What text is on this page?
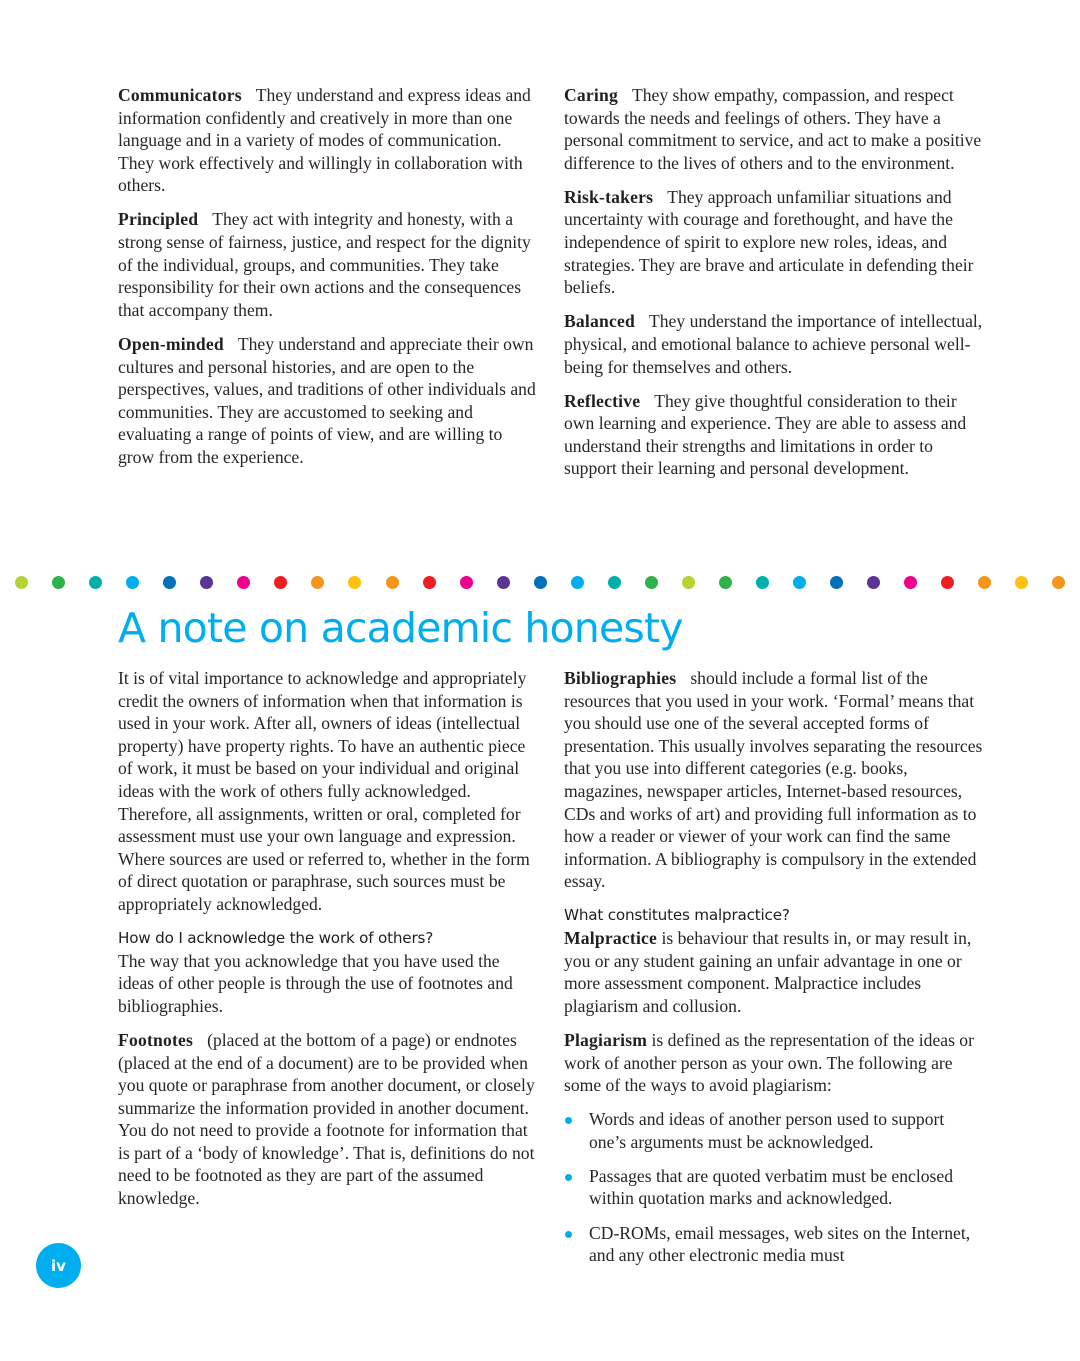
Communicators They understand and express ideas and information confidently and creatively in more than one language and in a variety of modes of communication. They work effectively and willingly in collaboration with others.

Principled They act with integrity and honesty, with a strong sense of fairness, justice, and respect for the dignity of the individual, groups, and communities. They take responsibility for their own actions and the consequences that accompany them.

Open-minded They understand and appreciate their own cultures and personal histories, and are open to the perspectives, values, and traditions of other individuals and communities. They are accustomed to seeking and evaluating a range of points of view, and are willing to grow from the experience.

Caring They show empathy, compassion, and respect towards the needs and feelings of others. They have a personal commitment to service, and act to make a positive difference to the lives of others and to the environment.

Risk-takers They approach unfamiliar situations and uncertainty with courage and forethought, and have the independence of spirit to explore new roles, ideas, and strategies. They are brave and articulate in defending their beliefs.

Balanced They understand the importance of intellectual, physical, and emotional balance to achieve personal well-being for themselves and others.

Reflective They give thoughtful consideration to their own learning and experience. They are able to assess and understand their strengths and limitations in order to support their learning and personal development.

A note on academic honesty

It is of vital importance to acknowledge and appropriately credit the owners of information when that information is used in your work. After all, owners of ideas (intellectual property) have property rights. To have an authentic piece of work, it must be based on your individual and original ideas with the work of others fully acknowledged. Therefore, all assignments, written or oral, completed for assessment must use your own language and expression. Where sources are used or referred to, whether in the form of direct quotation or paraphrase, such sources must be appropriately acknowledged.

How do I acknowledge the work of others?
The way that you acknowledge that you have used the ideas of other people is through the use of footnotes and bibliographies.

Footnotes (placed at the bottom of a page) or endnotes (placed at the end of a document) are to be provided when you quote or paraphrase from another document, or closely summarize the information provided in another document. You do not need to provide a footnote for information that is part of a ‘body of knowledge’. That is, definitions do not need to be footnoted as they are part of the assumed knowledge.

Bibliographies should include a formal list of the resources that you used in your work. ‘Formal’ means that you should use one of the several accepted forms of presentation. This usually involves separating the resources that you use into different categories (e.g. books, magazines, newspaper articles, Internet-based resources, CDs and works of art) and providing full information as to how a reader or viewer of your work can find the same information. A bibliography is compulsory in the extended essay.

What constitutes malpractice?
Malpractice is behaviour that results in, or may result in, you or any student gaining an unfair advantage in one or more assessment component. Malpractice includes plagiarism and collusion.

Plagiarism is defined as the representation of the ideas or work of another person as your own. The following are some of the ways to avoid plagiarism:

Words and ideas of another person used to support one’s arguments must be acknowledged.
Passages that are quoted verbatim must be enclosed within quotation marks and acknowledged.
CD-ROMs, email messages, web sites on the Internet, and any other electronic media must
iv
